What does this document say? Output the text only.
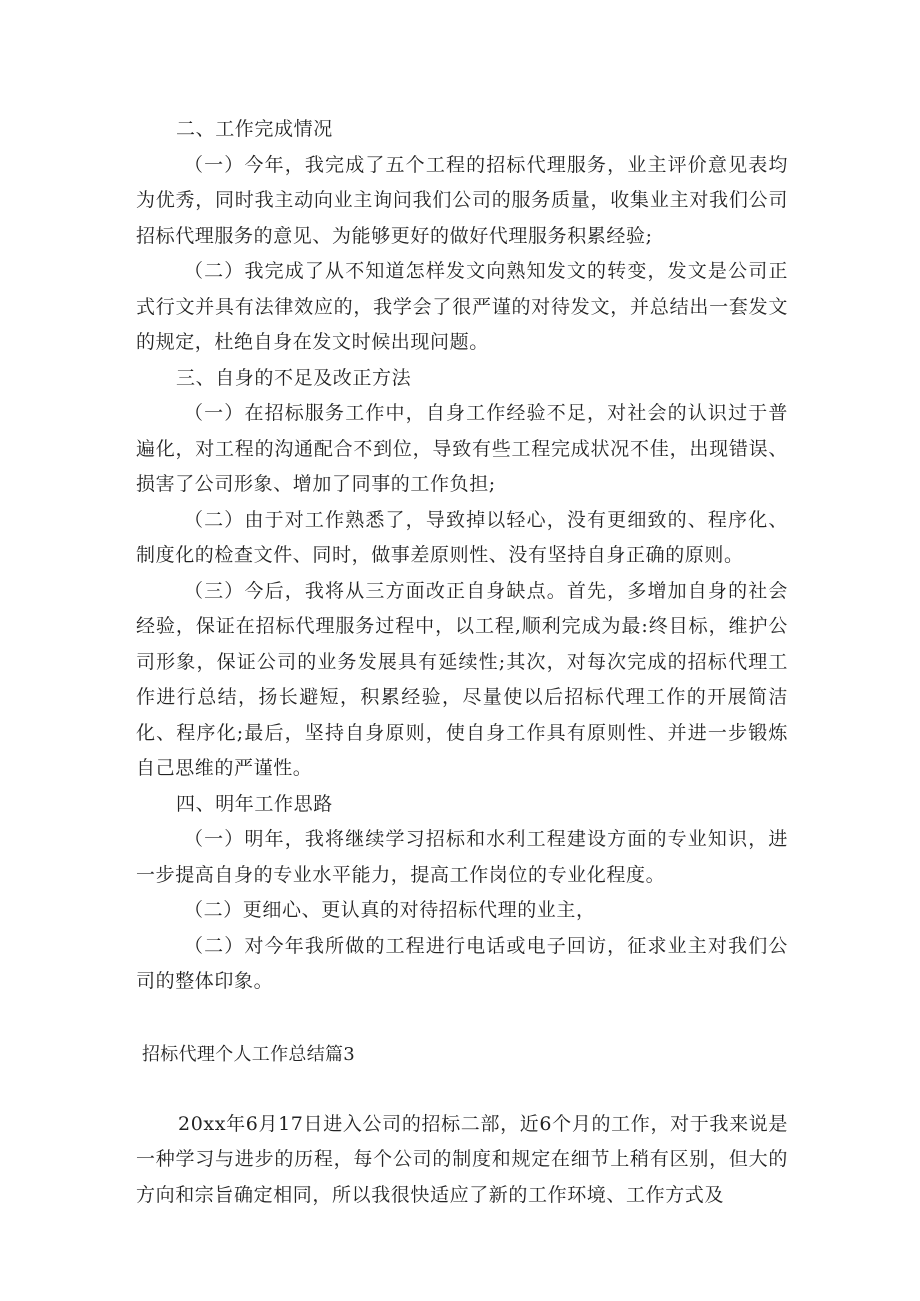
二、工作完成情况

（一）今年，我完成了五个工程的招标代理服务，业主评价意见表均为优秀，同时我主动向业主询问我们公司的服务质量，收集业主对我们公司招标代理服务的意见、为能够更好的做好代理服务积累经验;

（二）我完成了从不知道怎样发文向熟知发文的转变，发文是公司正式行文并具有法律效应的，我学会了很严谨的对待发文，并总结出一套发文的规定，杜绝自身在发文时候出现问题。

三、自身的不足及改正方法

（一）在招标服务工作中，自身工作经验不足，对社会的认识过于普遍化，对工程的沟通配合不到位，导致有些工程完成状况不佳，出现错误、损害了公司形象、增加了同事的工作负担;

（二）由于对工作熟悉了，导致掉以轻心，没有更细致的、程序化、制度化的检查文件、同时，做事差原则性、没有坚持自身正确的原则。

（三）今后，我将从三方面改正自身缺点。首先，多增加自身的社会经验，保证在招标代理服务过程中，以工程,顺利完成为最:终目标，维护公司形象，保证公司的业务发展具有延续性;其次，对每次完成的招标代理工作进行总结，扬长避短，积累经验，尽量使以后招标代理工作的开展简洁化、程序化;最后，坚持自身原则，使自身工作具有原则性、并进一步锻炼自己思维的严谨性。

四、明年工作思路

（一）明年，我将继续学习招标和水利工程建设方面的专业知识，进一步提高自身的专业水平能力，提高工作岗位的专业化程度。

（二）更细心、更认真的对待招标代理的业主，

（二）对今年我所做的工程进行电话或电子回访，征求业主对我们公司的整体印象。

招标代理个人工作总结篇3

20xx年6月17日进入公司的招标二部，近6个月的工作，对于我来说是一种学习与进步的历程，每个公司的制度和规定在细节上稍有区别，但大的方向和宗旨确定相同，所以我很快适应了新的工作环境、工作方式及
